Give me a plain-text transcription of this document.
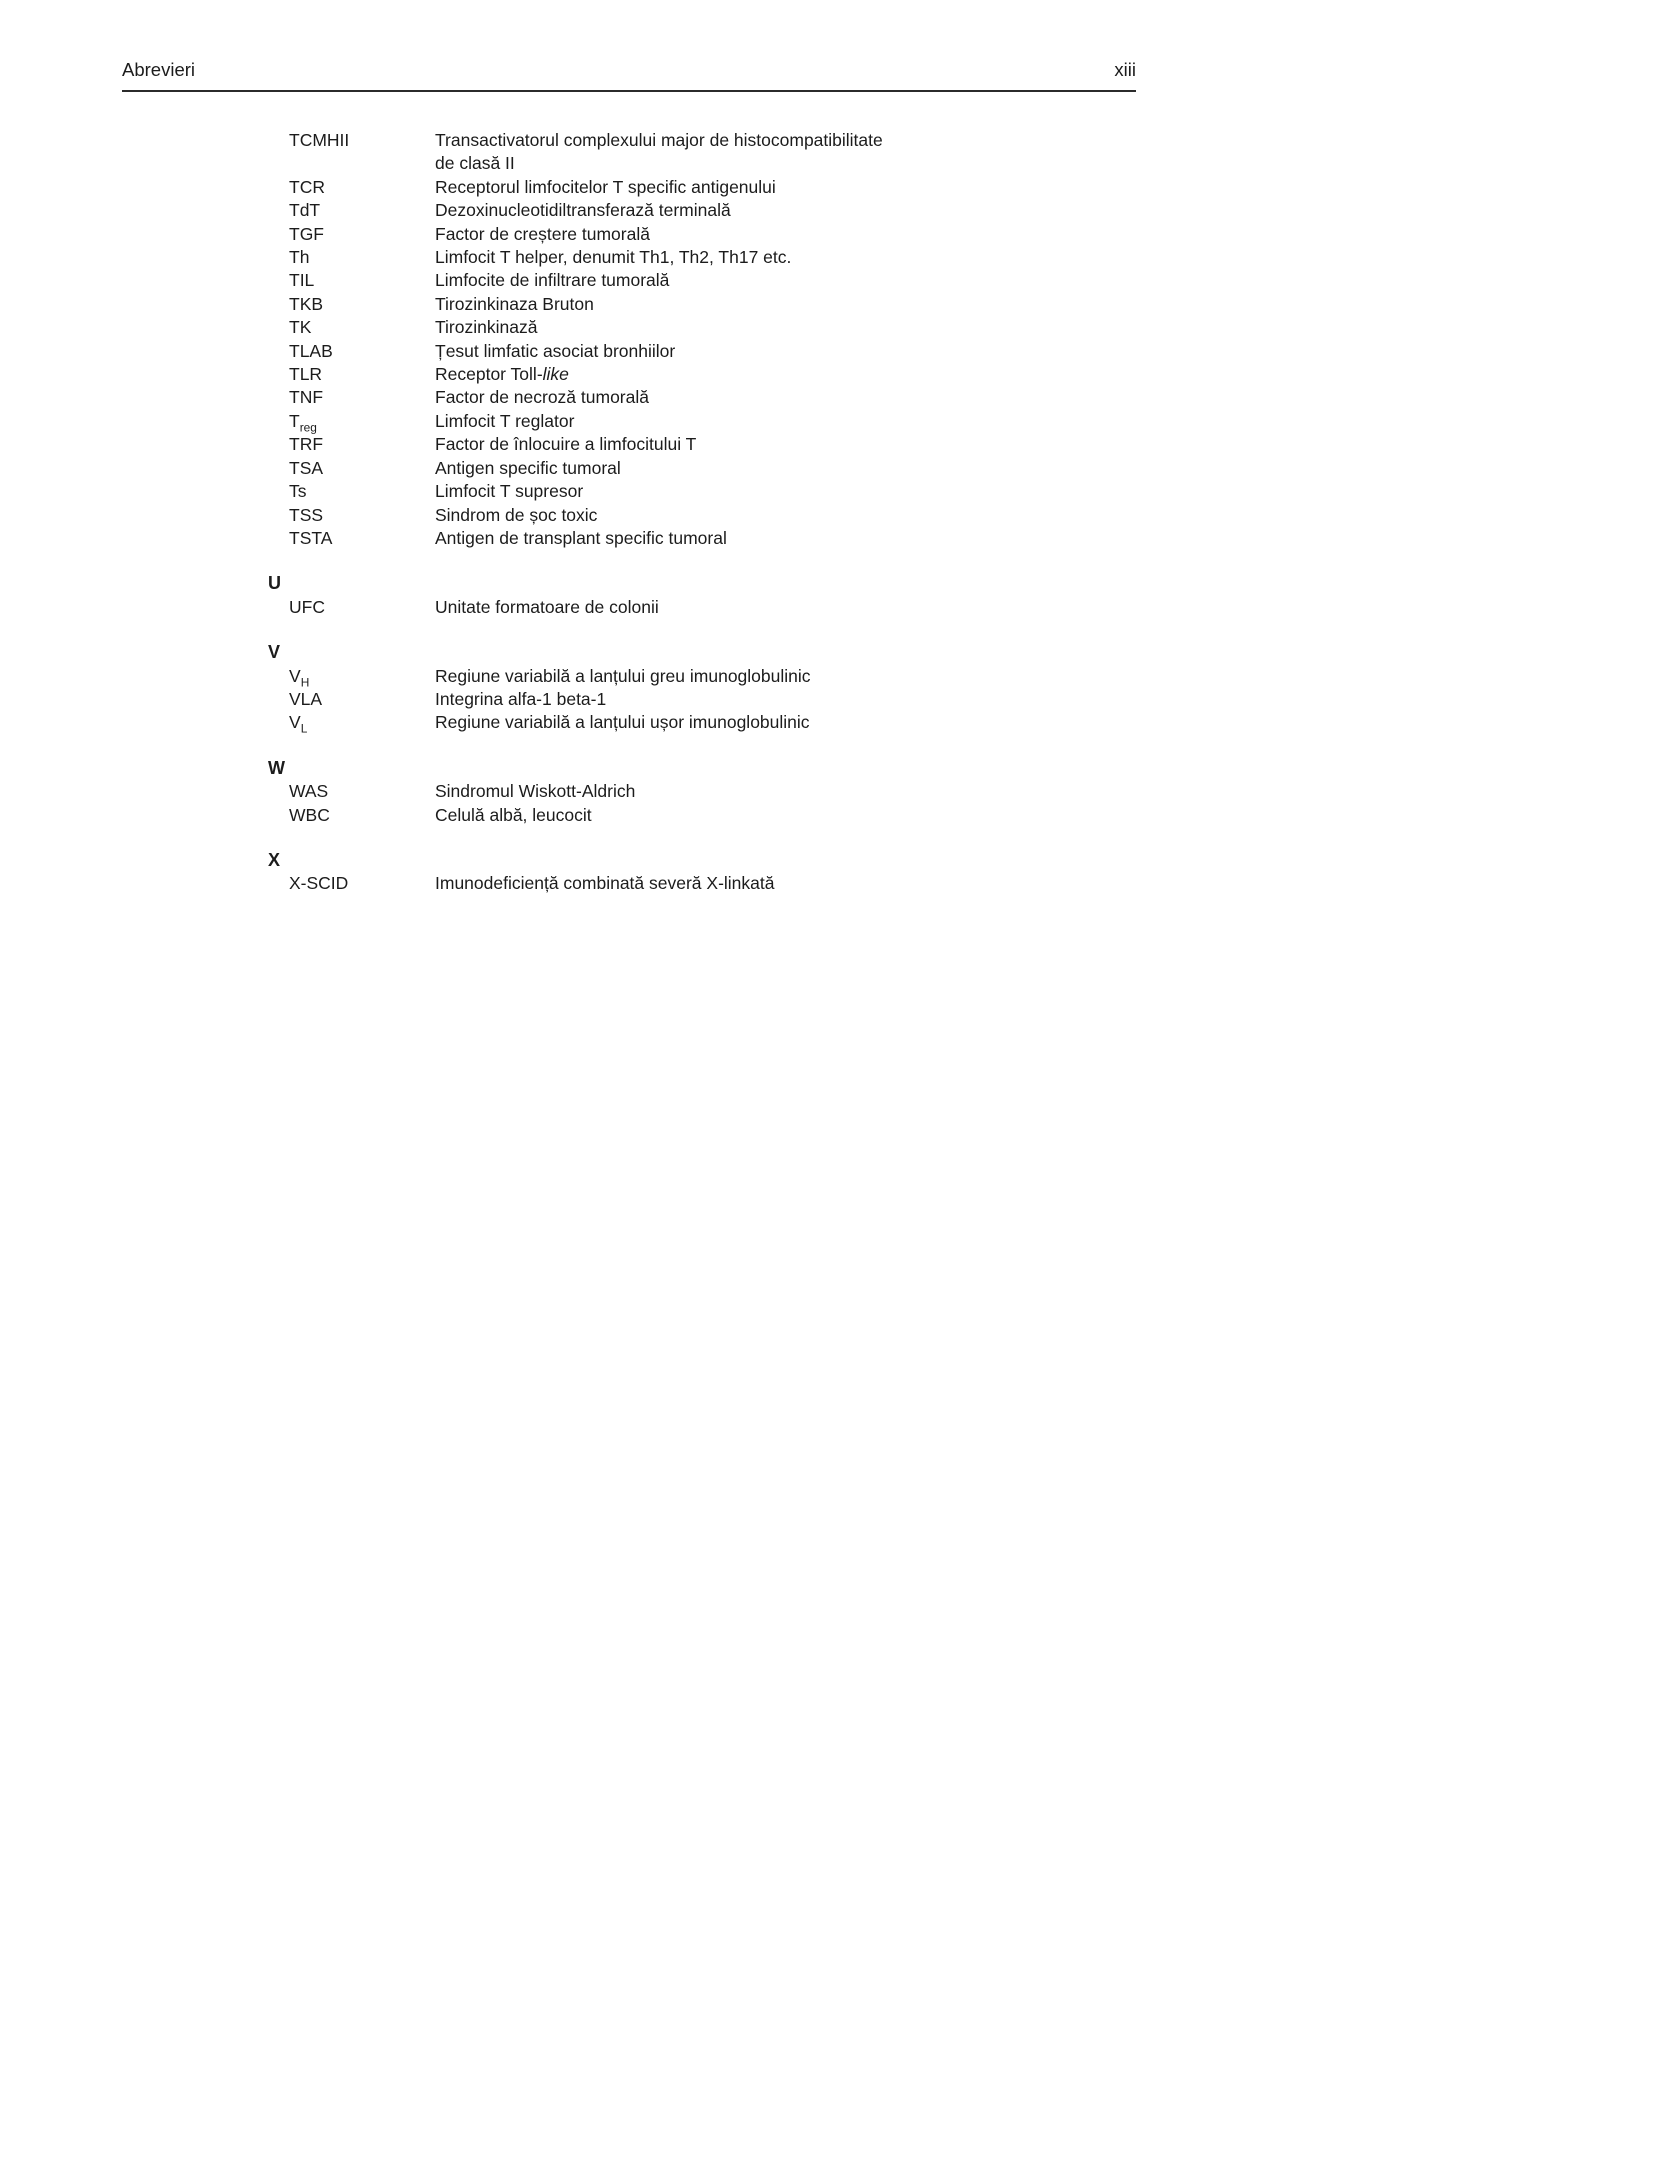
Abrevieri	xiii
TCMHII	Transactivatorul complexului major de histocompatibilitate
de clasă II
TCR	Receptorul limfocitelor T specific antigenului
TdT	Dezoxinucleotidiltransferază terminală
TGF	Factor de creștere tumorală
Th	Limfocit T helper, denumit Th1, Th2, Th17 etc.
TIL	Limfocite de infiltrare tumorală
TKB	Tirozinkinaza Bruton
TK	Tirozinkinază
TLAB	Țesut limfatic asociat bronhiilor
TLR	Receptor Toll-like
TNF	Factor de necroză tumorală
$T_{reg}$	Limfocit T reglator
TRF	Factor de înlocuire a limfocitului T
TSA	Antigen specific tumoral
Ts	Limfocit T supresor
TSS	Sindrom de șoc toxic
TSTA	Antigen de transplant specific tumoral
U
UFC	Unitate formatoare de colonii
V
$V_H$	Regiune variabilă a lanțului greu imunoglobulinic
VLA	Integrina alfa-1 beta-1
$V_L$	Regiune variabilă a lanțului ușor imunoglobulinic
W
WAS	Sindromul Wiskott-Aldrich
WBC	Celulă albă, leucocit
X
X-SCID	Imunodeficiență combinată severă X-linkată
